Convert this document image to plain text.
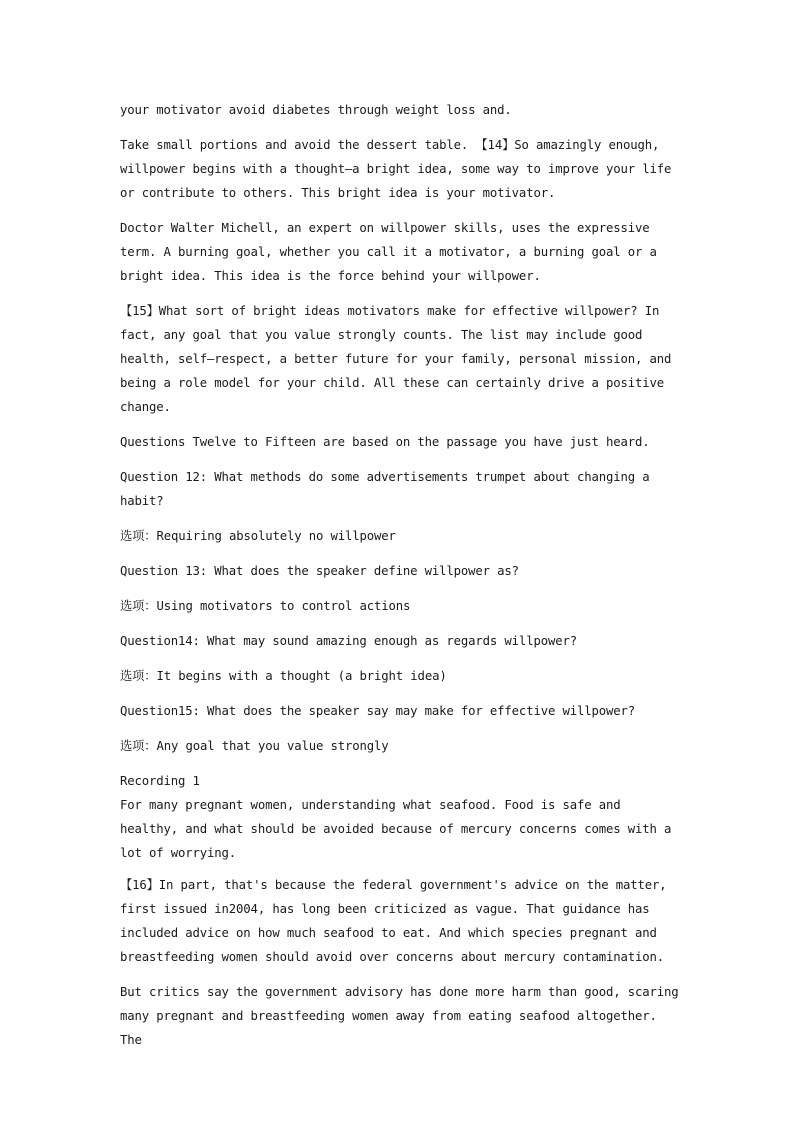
your motivator avoid diabetes through weight loss and.

Take small portions and avoid the dessert table. 【14】So amazingly enough, willpower begins with a thought—a bright idea, some way to improve your life or contribute to others. This bright idea is your motivator.

Doctor Walter Michell, an expert on willpower skills, uses the expressive term. A burning goal, whether you call it a motivator, a burning goal or a bright idea. This idea is the force behind your willpower.

【15】What sort of bright ideas motivators make for effective willpower? In fact, any goal that you value strongly counts. The list may include good health, self—respect, a better future for your family, personal mission, and being a role model for your child. All these can certainly drive a positive change.

Questions Twelve to Fifteen are based on the passage you have just heard.

Question 12: What methods do some advertisements trumpet about changing a habit?

选项：Requiring absolutely no willpower

Question 13: What does the speaker define willpower as?

选项：Using motivators to control actions

Question14: What may sound amazing enough as regards willpower?

选项：It begins with a thought (a bright idea)

Question15: What does the speaker say may make for effective willpower?

选项：Any goal that you value strongly

Recording 1

For many pregnant women, understanding what seafood. Food is safe and healthy, and what should be avoided because of mercury concerns comes with a lot of worrying.

【16】In part, that's because the federal government's advice on the matter, first issued in2004, has long been criticized as vague. That guidance has included advice on how much seafood to eat. And which species pregnant and breastfeeding women should avoid over concerns about mercury contamination.

But critics say the government advisory has done more harm than good, scaring many pregnant and breastfeeding women away from eating seafood altogether. The
